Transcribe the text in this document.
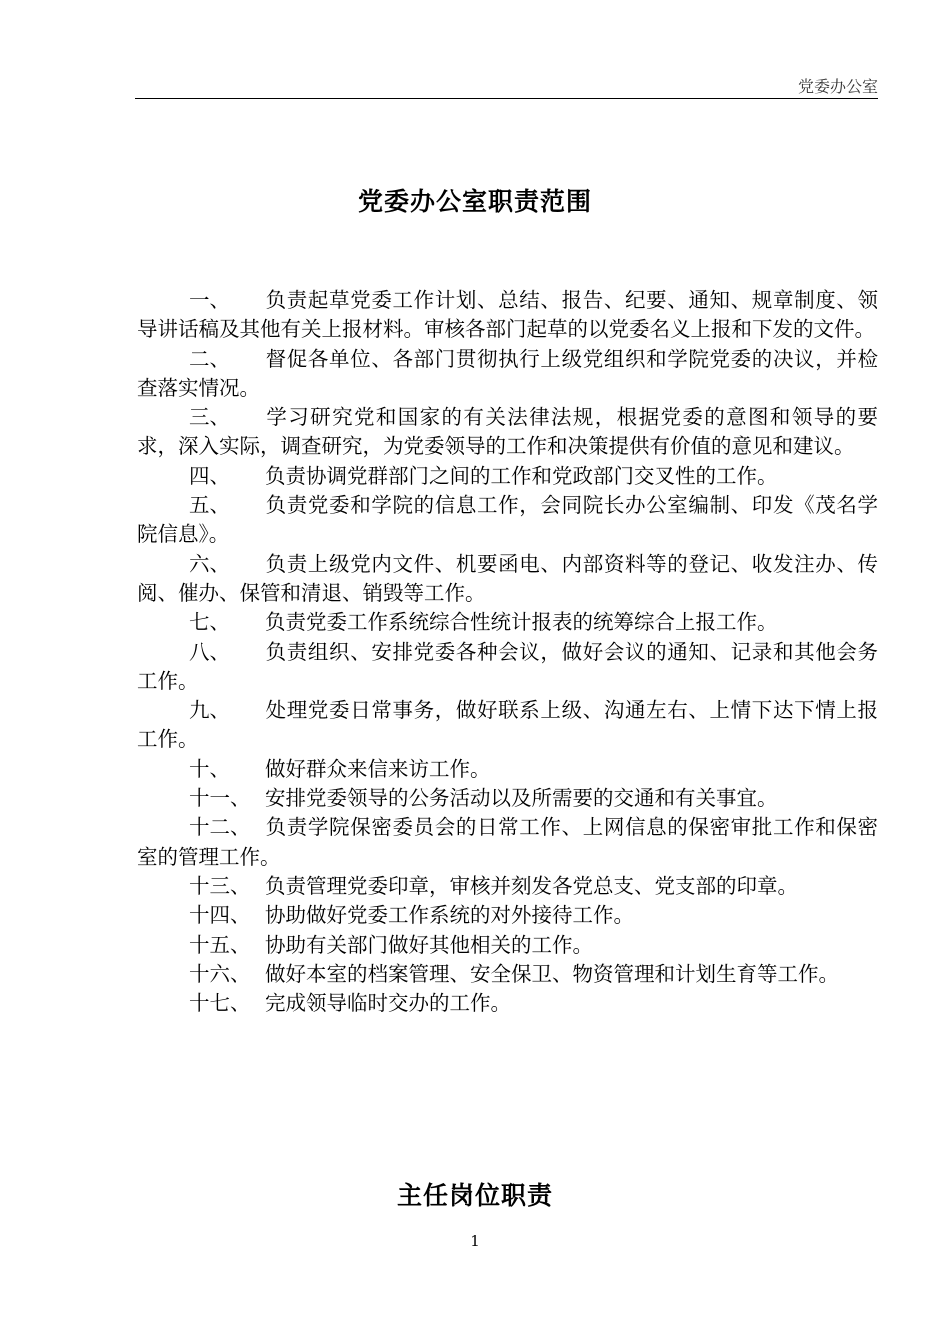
党委办公室
党委办公室职责范围
一、 负责起草党委工作计划、总结、报告、纪要、通知、规章制度、领导讲话稿及其他有关上报材料。审核各部门起草的以党委名义上报和下发的文件。
二、 督促各单位、各部门贯彻执行上级党组织和学院党委的决议，并检查落实情况。
三、 学习研究党和国家的有关法律法规，根据党委的意图和领导的要求，深入实际，调查研究，为党委领导的工作和决策提供有价值的意见和建议。
四、 负责协调党群部门之间的工作和党政部门交叉性的工作。
五、 负责党委和学院的信息工作，会同院长办公室编制、印发《茂名学院信息》。
六、 负责上级党内文件、机要函电、内部资料等的登记、收发注办、传阅、催办、保管和清退、销毁等工作。
七、 负责党委工作系统综合性统计报表的统筹综合上报工作。
八、 负责组织、安排党委各种会议，做好会议的通知、记录和其他会务工作。
九、 处理党委日常事务，做好联系上级、沟通左右、上情下达下情上报工作。
十、 做好群众来信来访工作。
十一、 安排党委领导的公务活动以及所需要的交通和有关事宜。
十二、 负责学院保密委员会的日常工作、上网信息的保密审批工作和保密室的管理工作。
十三、 负责管理党委印章，审核并刻发各党总支、党支部的印章。
十四、 协助做好党委工作系统的对外接待工作。
十五、 协助有关部门做好其他相关的工作。
十六、 做好本室的档案管理、安全保卫、物资管理和计划生育等工作。
十七、 完成领导临时交办的工作。
主任岗位职责
1
